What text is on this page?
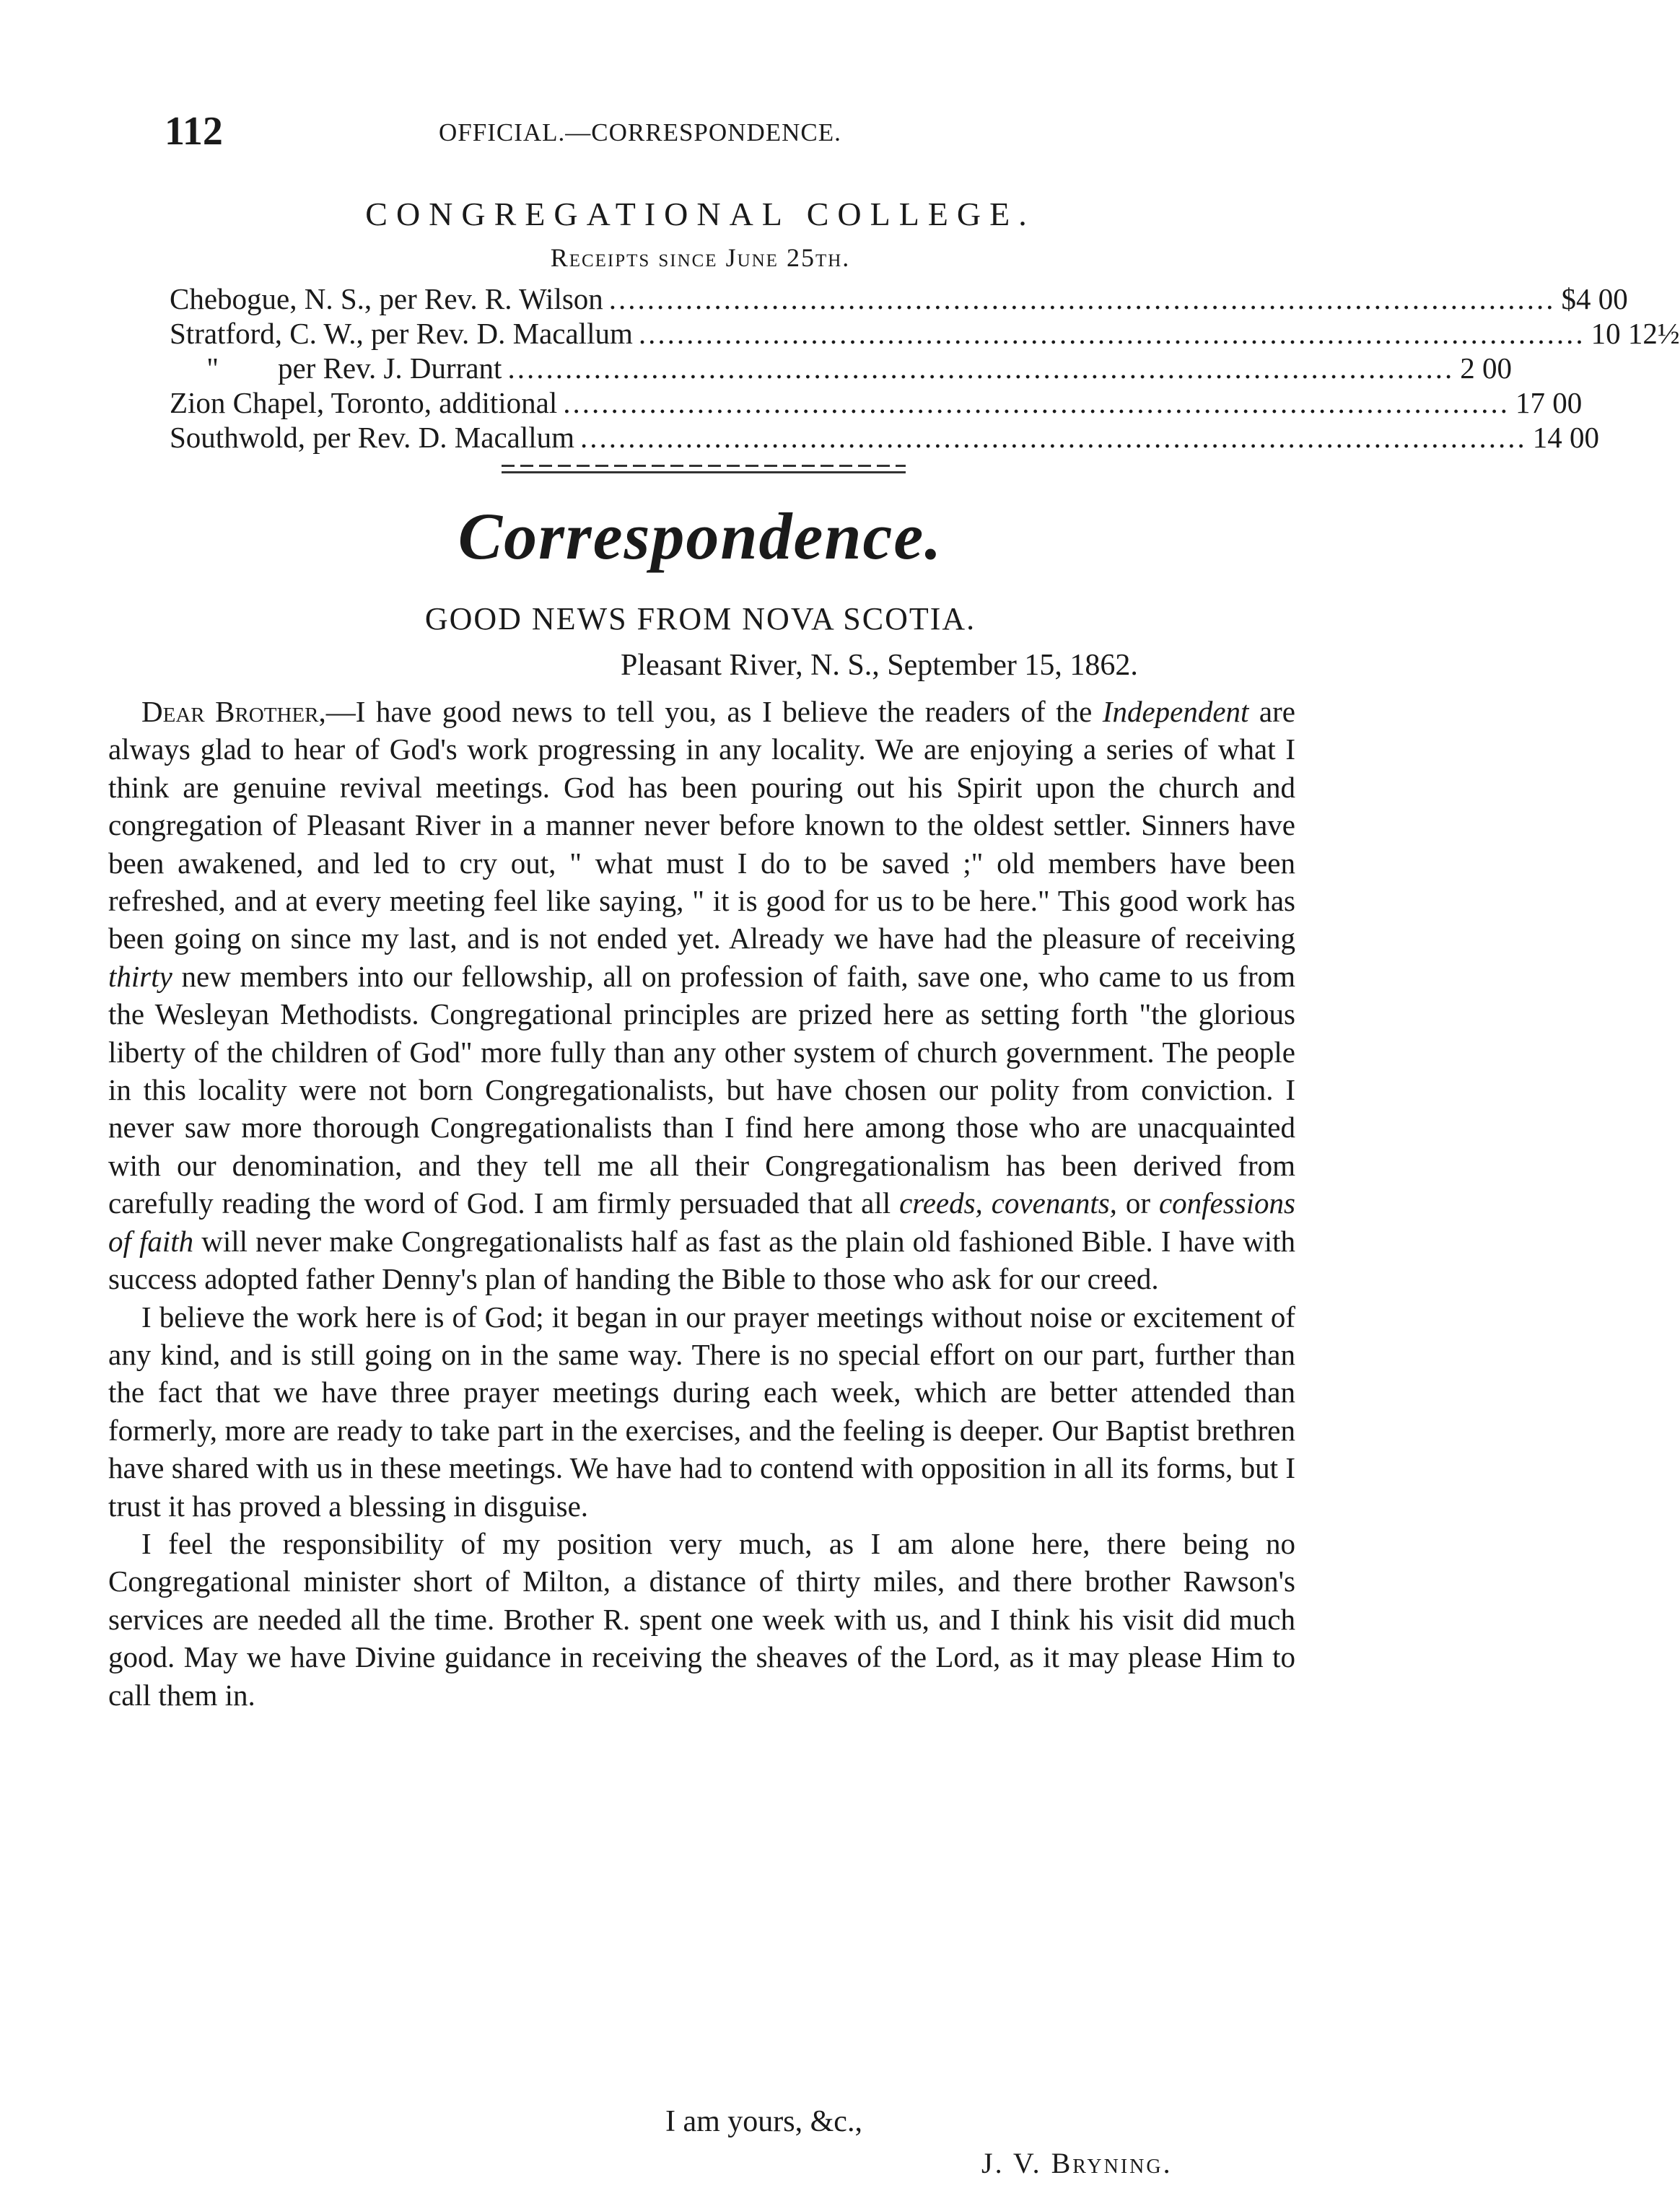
112	OFFICIAL.—CORRESPONDENCE.
CONGREGATIONAL COLLEGE.
Receipts since June 25th.
Chebogue, N. S., per Rev. R. Wilson ................................................................................................... $4 00
Stratford, C. W., per Rev. D. Macallum ................................................................................................... 10 12½
"        per Rev. J. Durrant ................................................................................................... 2 00
Zion Chapel, Toronto, additional ................................................................................................... 17 00
Southwold, per Rev. D. Macallum ................................................................................................... 14 00
Correspondence.
GOOD NEWS FROM NOVA SCOTIA.
Pleasant River, N. S., September 15, 1862.

Dear Brother,—I have good news to tell you, as I believe the readers of the Independent are always glad to hear of God's work progressing in any locality. We are enjoying a series of what I think are genuine revival meetings. God has been pouring out his Spirit upon the church and congregation of Pleasant River in a manner never before known to the oldest settler. Sinners have been awakened, and led to cry out, " what must I do to be saved ;" old members have been refreshed, and at every meeting feel like saying, " it is good for us to be here." This good work has been going on since my last, and is not ended yet. Already we have had the pleasure of receiving thirty new members into our fellowship, all on profession of faith, save one, who came to us from the Wesleyan Methodists. Congregational principles are prized here as setting forth "the glorious liberty of the children of God" more fully than any other system of church government. The people in this locality were not born Congregationalists, but have chosen our polity from conviction. I never saw more thorough Congregationalists than I find here among those who are unacquainted with our denomination, and they tell me all their Congregationalism has been derived from carefully reading the word of God. I am firmly persuaded that all creeds, covenants, or confessions of faith will never make Congregationalists half as fast as the plain old fashioned Bible. I have with success adopted father Denny's plan of handing the Bible to those who ask for our creed.

I believe the work here is of God; it began in our prayer meetings without noise or excitement of any kind, and is still going on in the same way. There is no special effort on our part, further than the fact that we have three prayer meetings during each week, which are better attended than formerly, more are ready to take part in the exercises, and the feeling is deeper. Our Baptist brethren have shared with us in these meetings. We have had to contend with opposition in all its forms, but I trust it has proved a blessing in disguise.

I feel the responsibility of my position very much, as I am alone here, there being no Congregational minister short of Milton, a distance of thirty miles, and there brother Rawson's services are needed all the time. Brother R. spent one week with us, and I think his visit did much good. May we have Divine guidance in receiving the sheaves of the Lord, as it may please Him to call them in.

I am yours, &c.,
J. V. Bryning.
